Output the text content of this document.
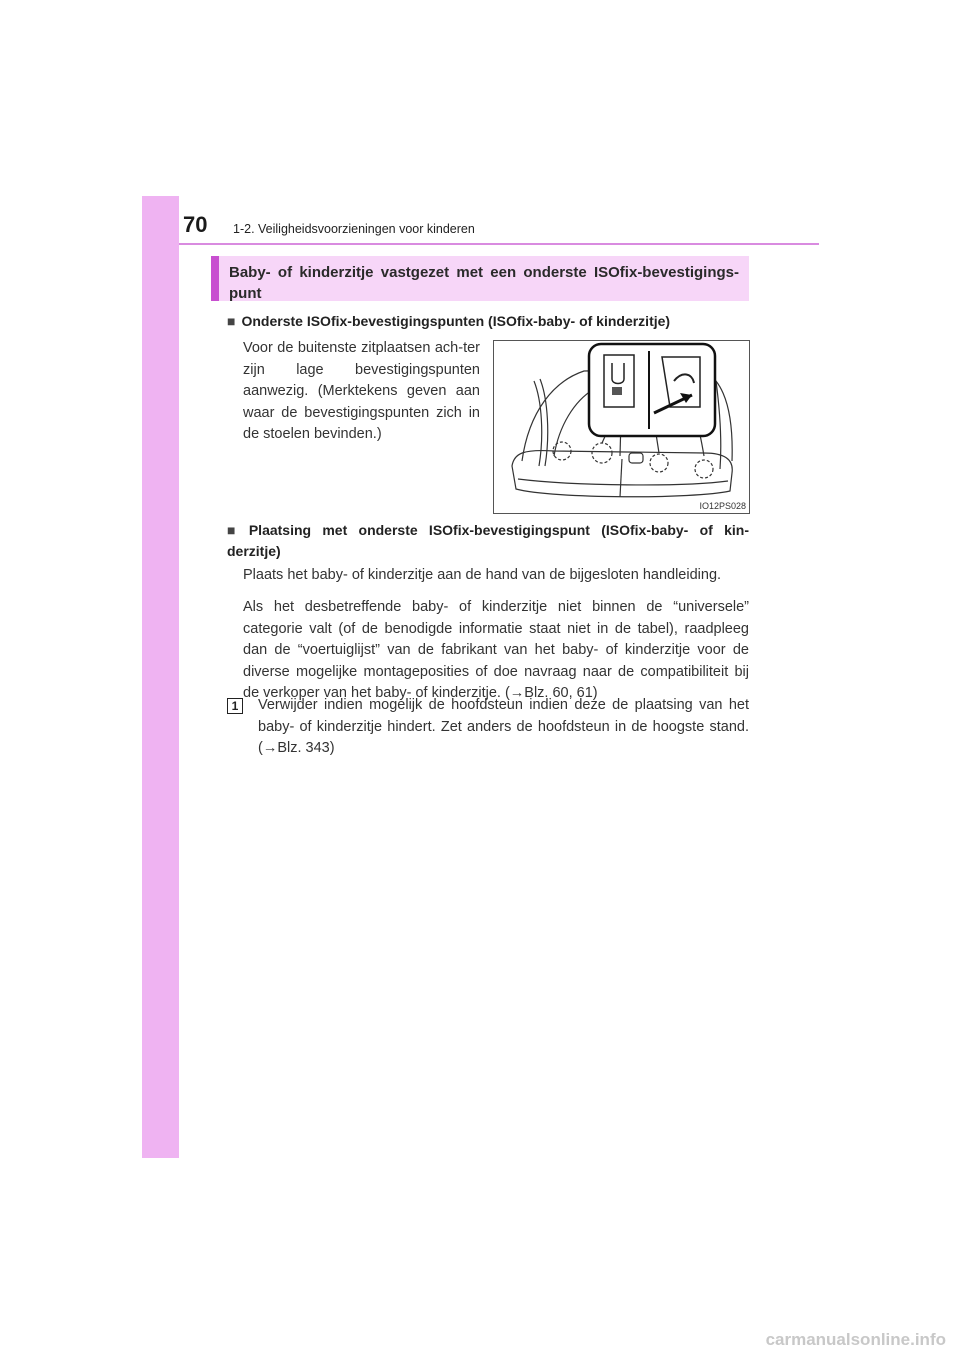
70 1-2. Veiligheidsvoorzieningen voor kinderen
Baby- of kinderzitje vastgezet met een onderste ISOfix-bevestigings-punt
■ Onderste ISOfix-bevestigingspunten (ISOfix-baby- of kinderzitje)
Voor de buitenste zitplaatsen ach-ter zijn lage bevestigingspunten aanwezig. (Merktekens geven aan waar de bevestigingspunten zich in de stoelen bevinden.)
IO12PS028
■ Plaatsing met onderste ISOfix-bevestigingspunt (ISOfix-baby- of kin-derzitje)
Plaats het baby- of kinderzitje aan de hand van de bijgesloten handleiding.
Als het desbetreffende baby- of kinderzitje niet binnen de “universele” categorie valt (of de benodigde informatie staat niet in de tabel), raadpleeg dan de “voertuiglijst” van de fabrikant van het baby- of kinderzitje voor de diverse mogelijke montageposities of doe navraag naar de compatibiliteit bij de verkoper van het baby- of kinderzitje. (→Blz. 60, 61)
1	Verwijder indien mogelijk de hoofdsteun indien deze de plaatsing van het baby- of kinderzitje hindert. Zet anders de hoofdsteun in de hoogste stand. (→Blz. 343)
carmanualsonline.info
